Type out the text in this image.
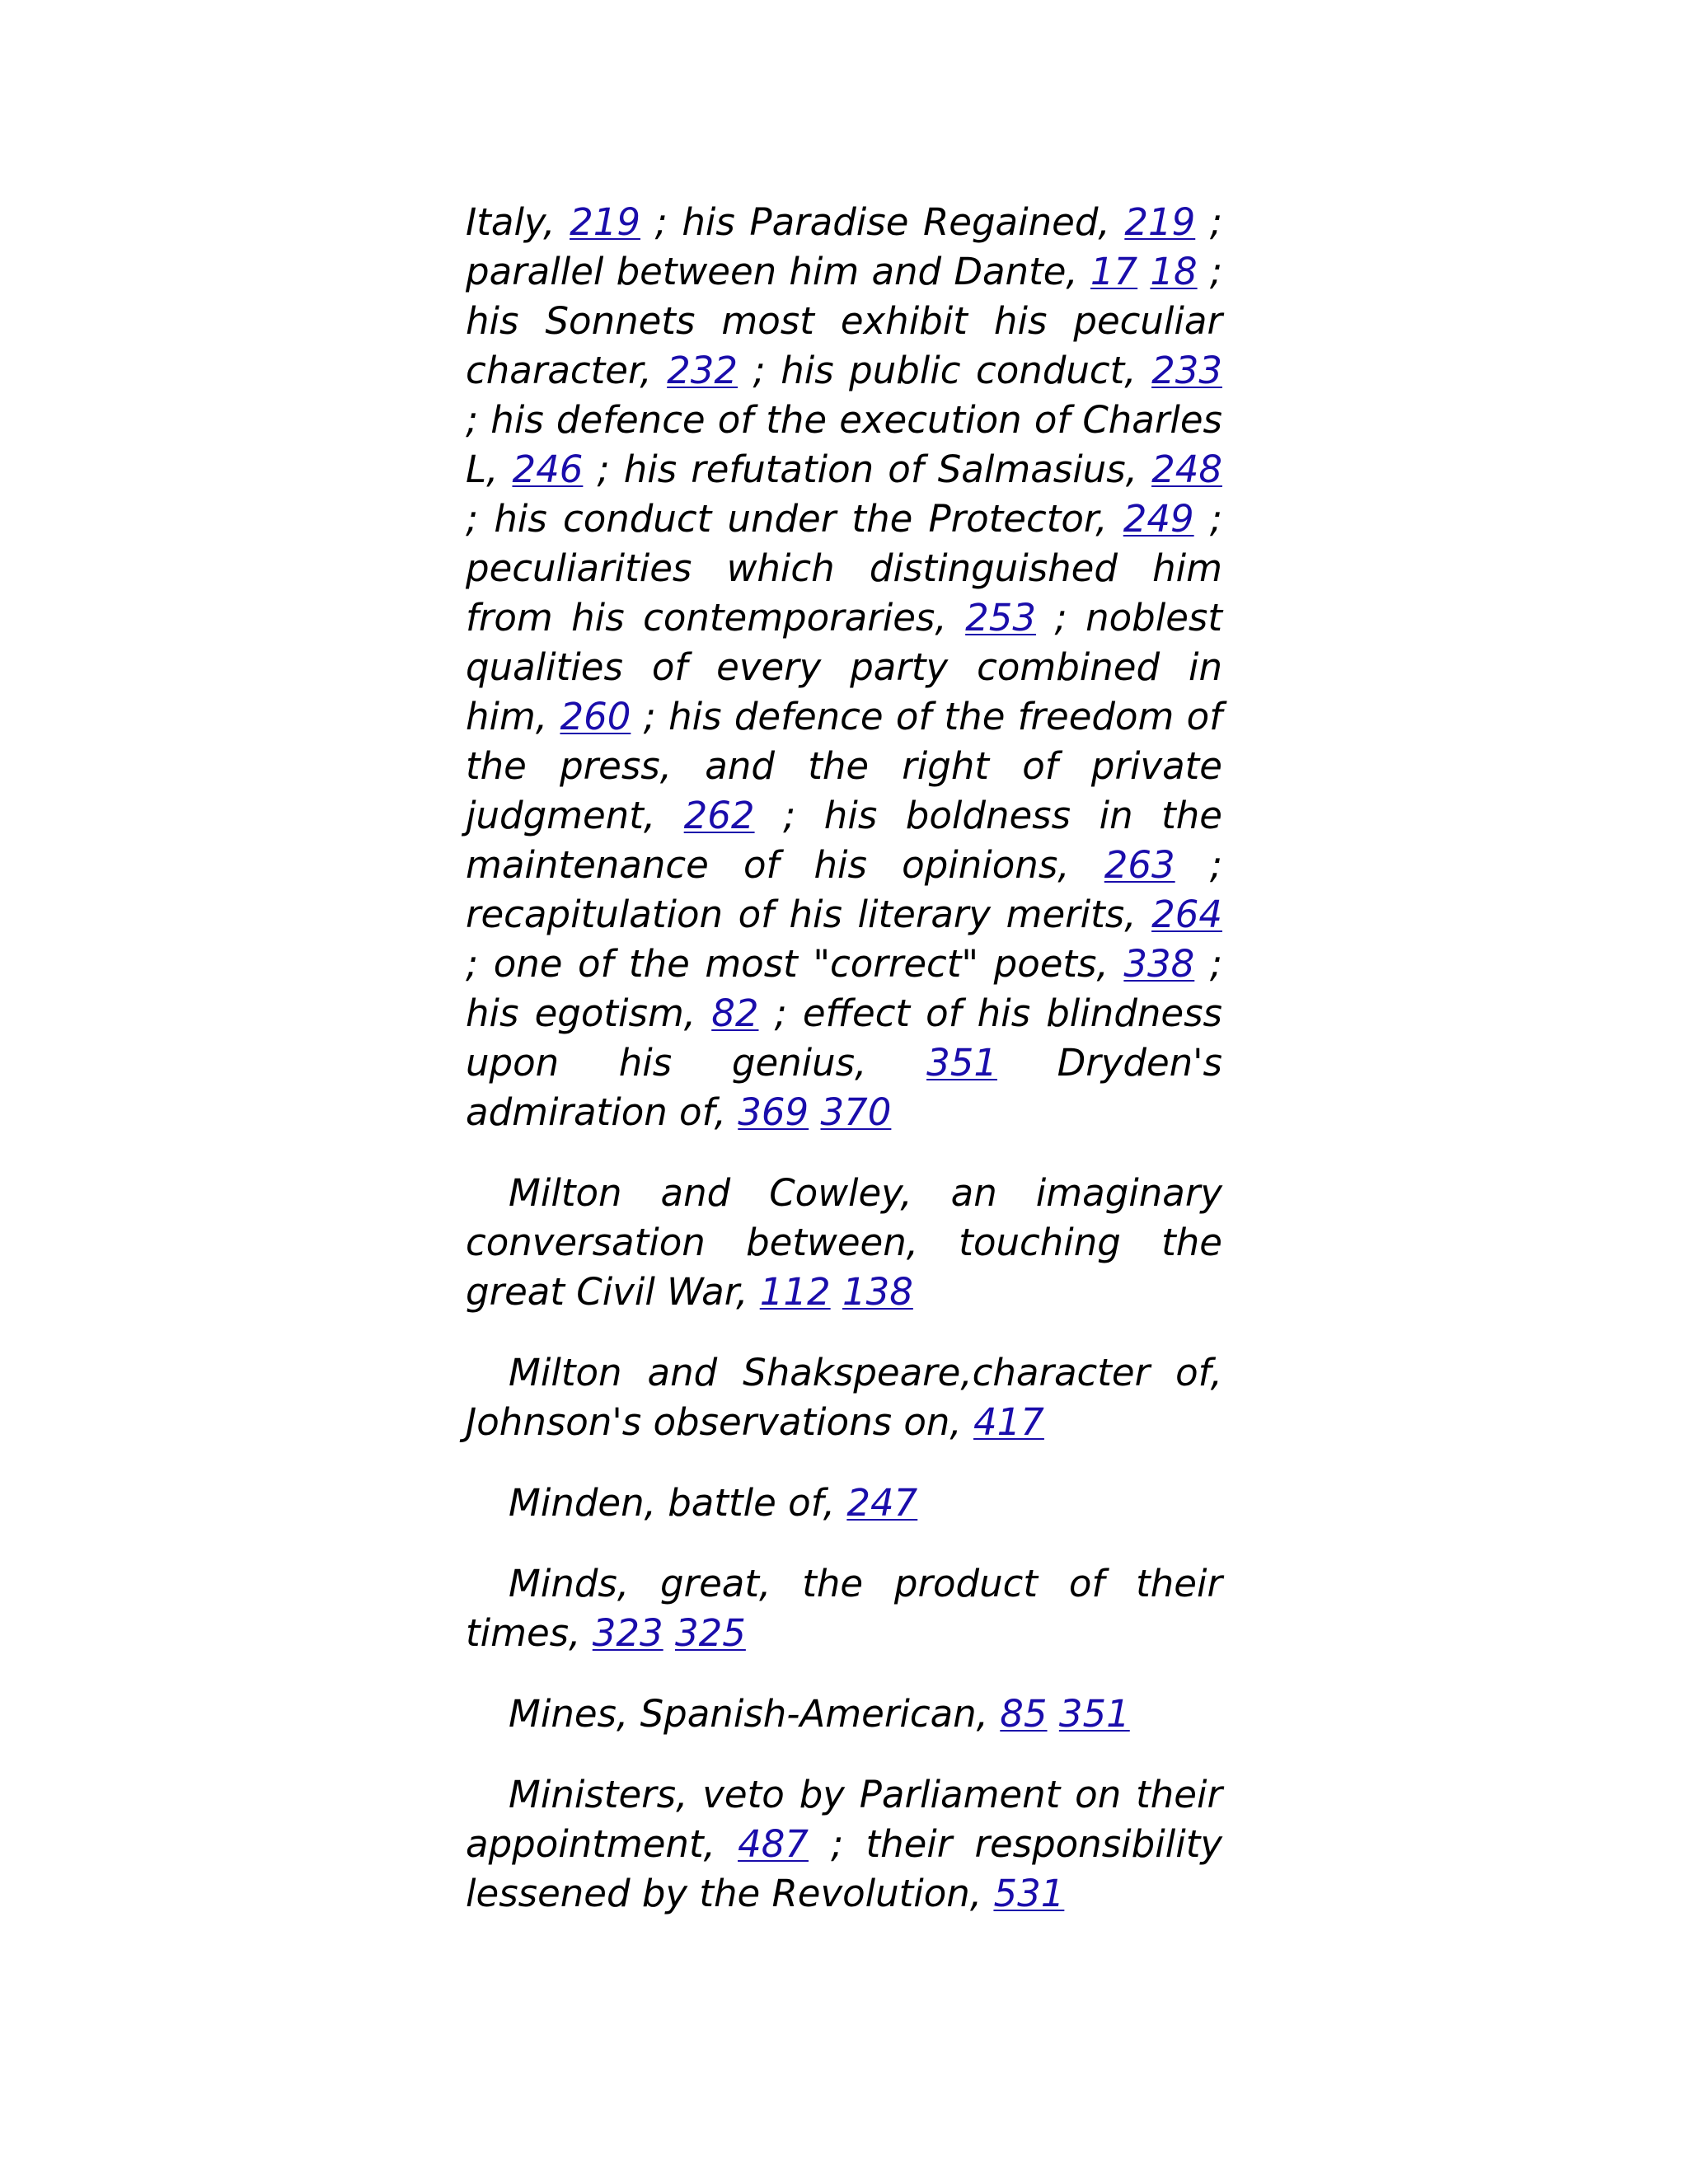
Italy, 219 ; his Paradise Regained, 219 ; parallel between him and Dante, 17 18 ; his Sonnets most exhibit his peculiar character, 232 ; his public conduct, 233 ; his defence of the execution of Charles L, 246 ; his refutation of Salmasius, 248 ; his conduct under the Protector, 249 ; peculiarities which distinguished him from his contemporaries, 253 ; noblest qualities of every party combined in him, 260 ; his defence of the freedom of the press, and the right of private judgment, 262 ; his boldness in the maintenance of his opinions, 263 ; recapitulation of his literary merits, 264 ; one of the most "correct" poets, 338 ; his egotism, 82 ; effect of his blindness upon his genius, 351 Dryden's admiration of, 369 370

Milton and Cowley, an imaginary conversation between, touching the great Civil War, 112 138

Milton and Shakspeare,character of, Johnson's observations on, 417

Minden, battle of, 247

Minds, great, the product of their times, 323 325

Mines, Spanish-American, 85 351

Ministers, veto by Parliament on their appointment, 487 ; their responsibility lessened by the Revolution, 531
